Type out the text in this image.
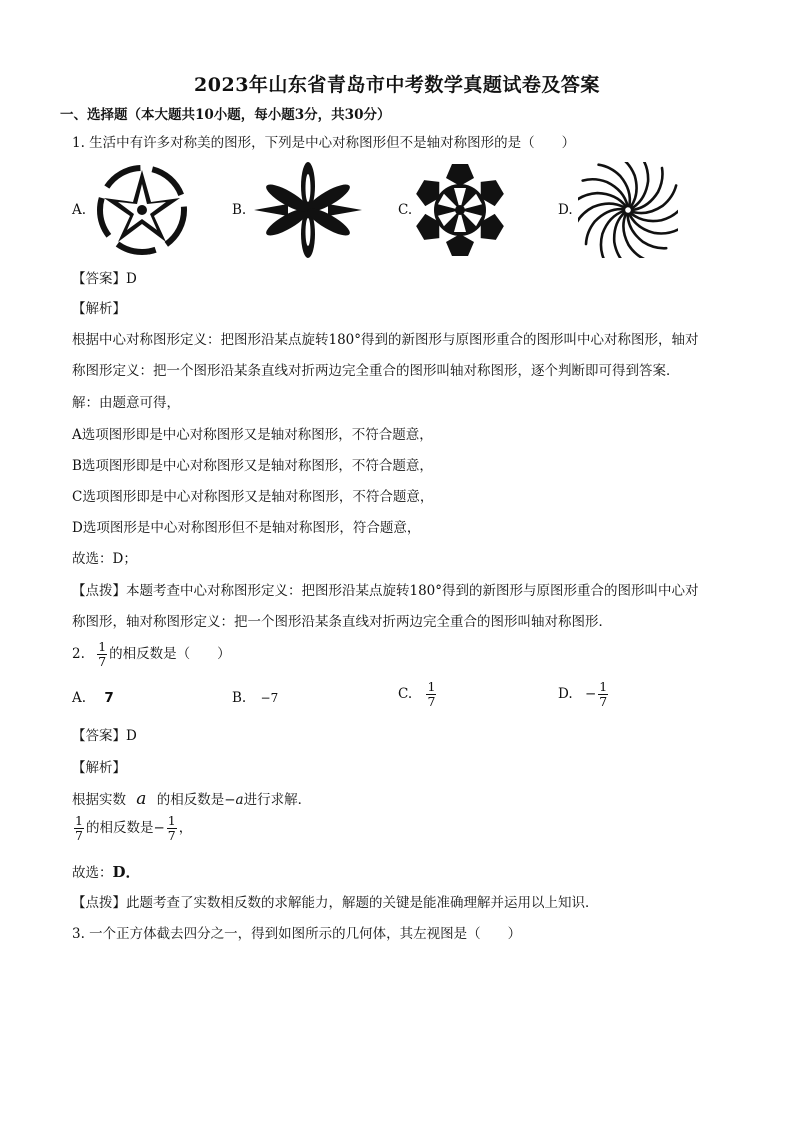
2023年山东省青岛市中考数学真题试卷及答案
一、选择题（本大题共10小题，每小题3分，共30分）
1. 生活中有许多对称美的图形，下列是中心对称图形但不是轴对称图形的是（　　）
A.	B.	C.	D.
【答案】D
【解析】
根据中心对称图形定义：把图形沿某点旋转180°得到的新图形与原图形重合的图形叫中心对称图形，轴对
称图形定义：把一个图形沿某条直线对折两边完全重合的图形叫轴对称图形，逐个判断即可得到答案．
解：由题意可得，
A选项图形即是中心对称图形又是轴对称图形，不符合题意，
B选项图形即是中心对称图形又是轴对称图形，不符合题意，
C选项图形即是中心对称图形又是轴对称图形，不符合题意，
D选项图形是中心对称图形但不是轴对称图形，符合题意，
故选：D；
【点拨】本题考查中心对称图形定义：把图形沿某点旋转180°得到的新图形与原图形重合的图形叫中心对
称图形，轴对称图形定义：把一个图形沿某条直线对折两边完全重合的图形叫轴对称图形．
2. $\frac{1}{7}$ 的相反数是（　　）
A. 7	B. −7	C. $\frac{1}{7}$	D. − $\frac{1}{7}$
【答案】D
【解析】
根据实数 a 的相反数是−a进行求解．
$\frac{1}{7}$ 的相反数是− $\frac{1}{7}$ ，
故选：D．
【点拨】此题考查了实数相反数的求解能力，解题的关键是能准确理解并运用以上知识．
3. 一个正方体截去四分之一，得到如图所示的几何体，其左视图是（　　）
